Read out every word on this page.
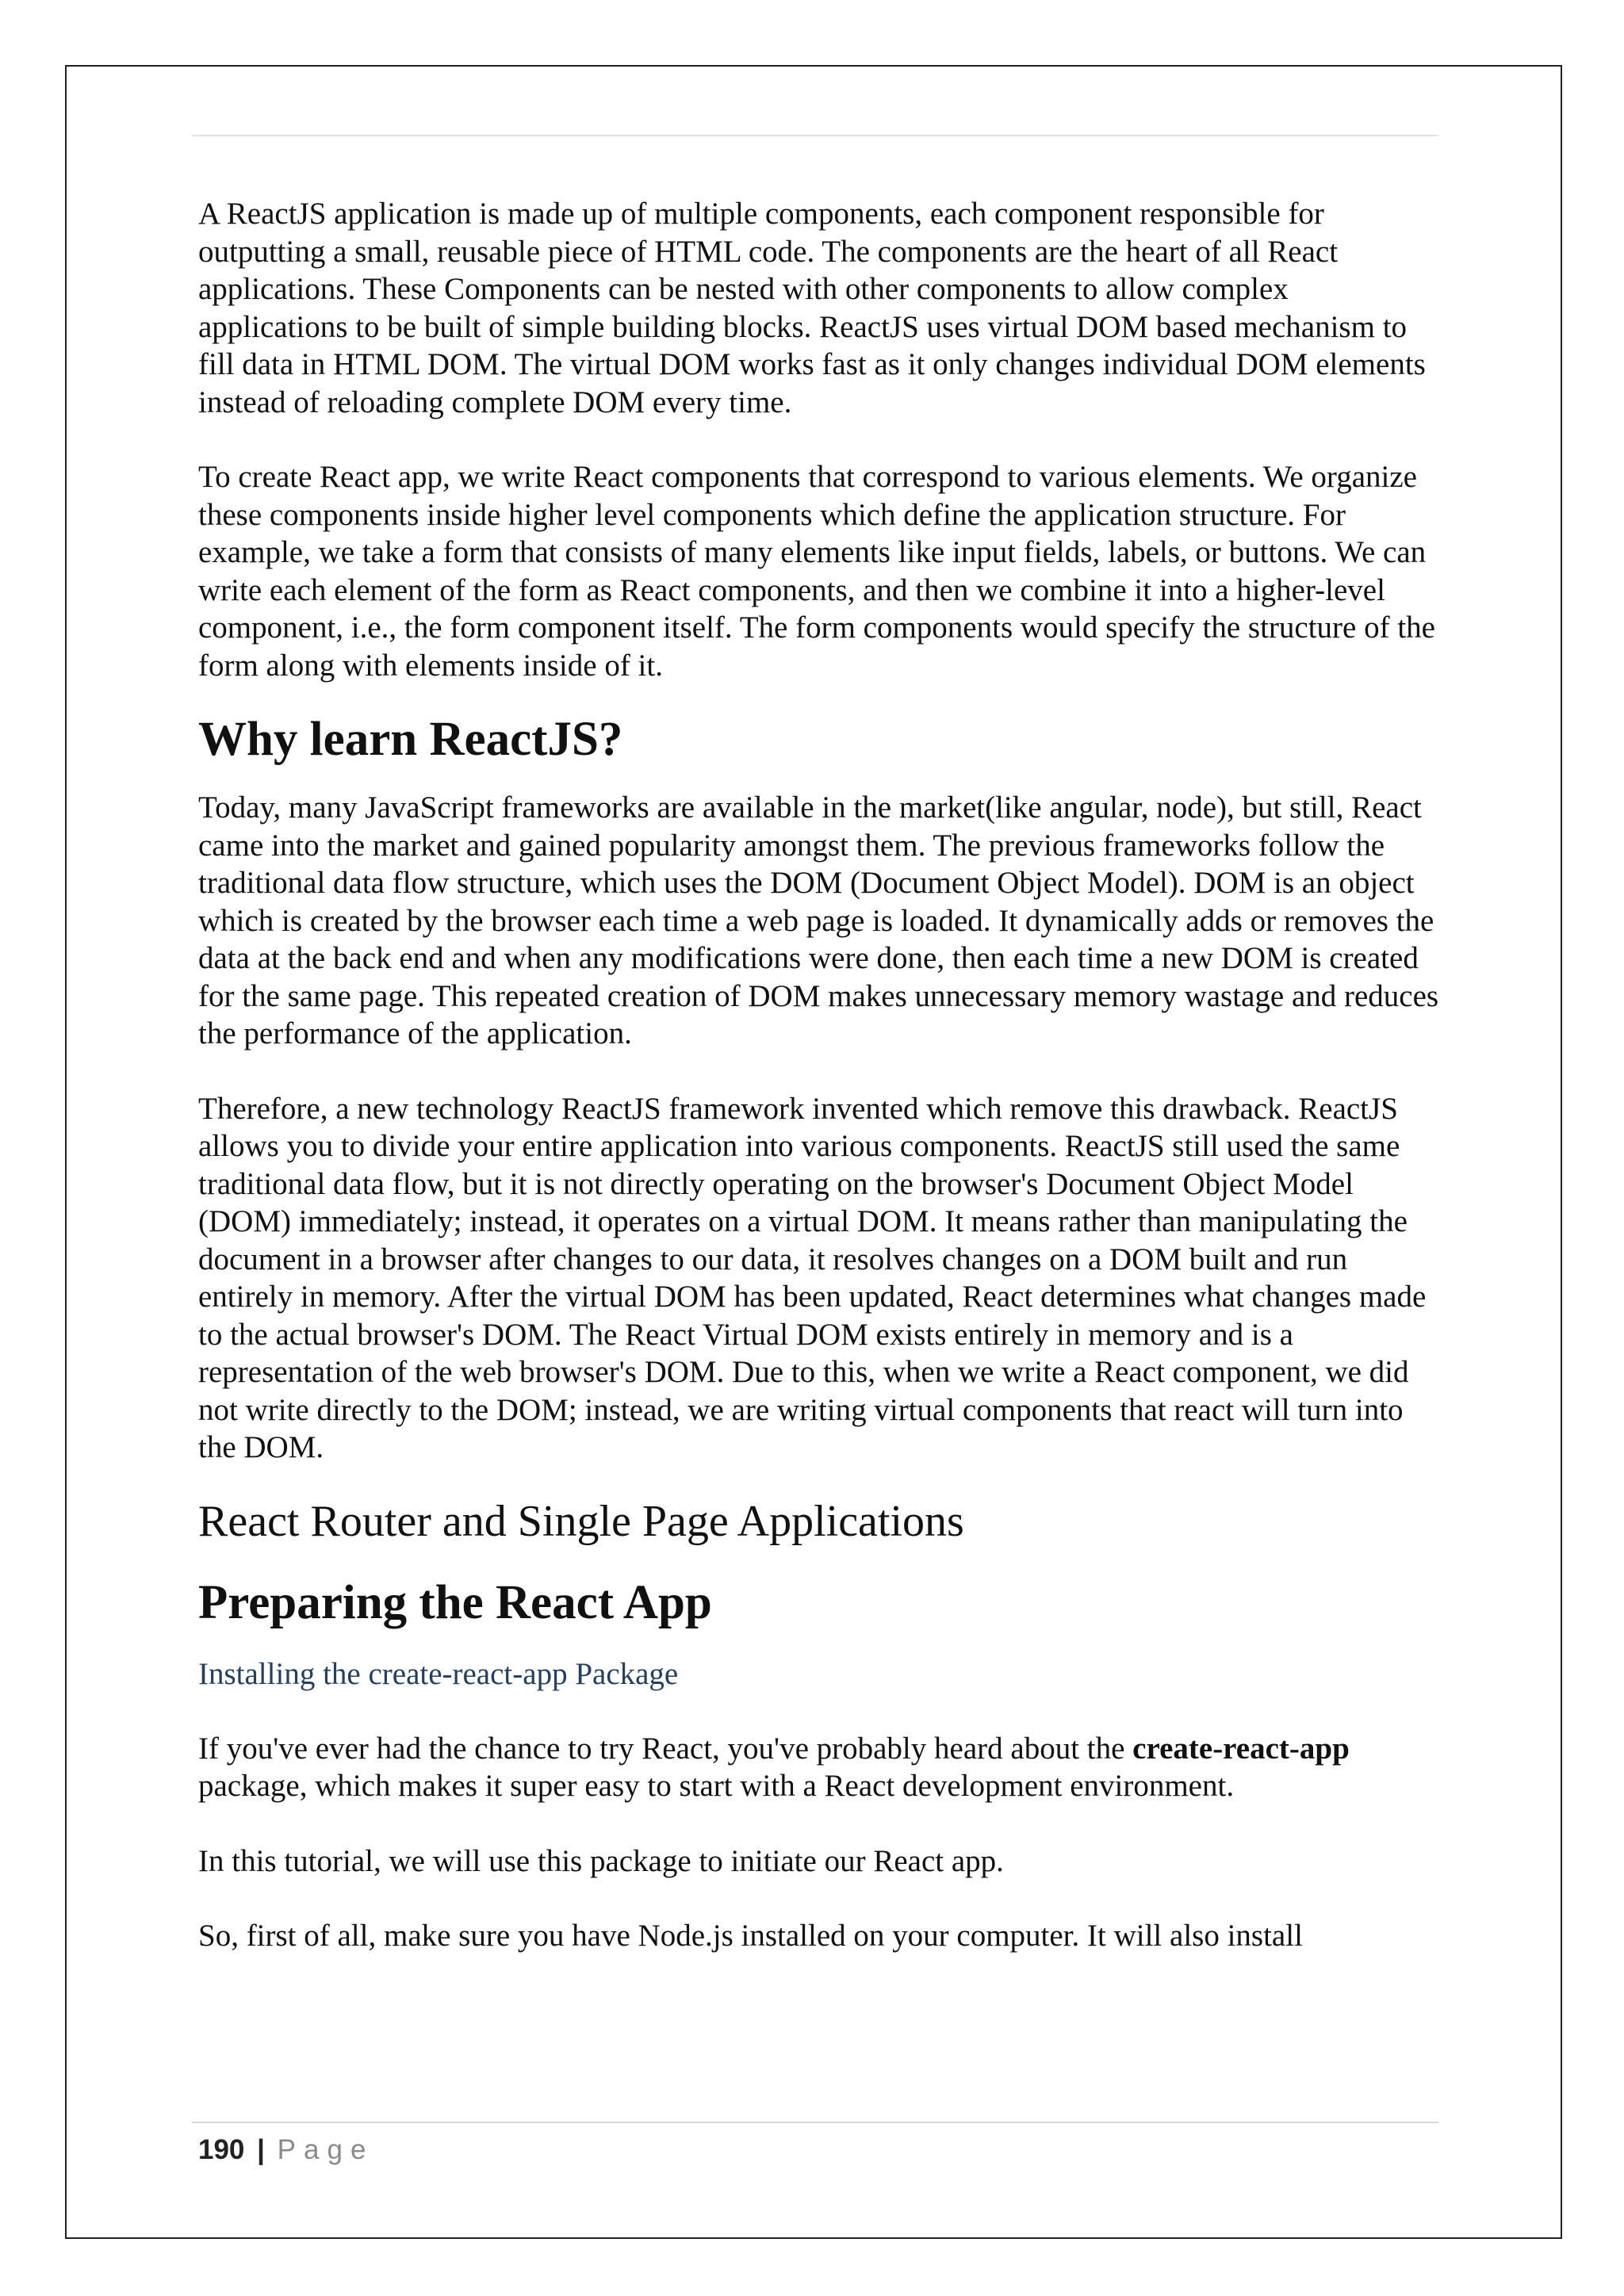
A ReactJS application is made up of multiple components, each component responsible for outputting a small, reusable piece of HTML code. The components are the heart of all React applications. These Components can be nested with other components to allow complex applications to be built of simple building blocks. ReactJS uses virtual DOM based mechanism to fill data in HTML DOM. The virtual DOM works fast as it only changes individual DOM elements instead of reloading complete DOM every time.

To create React app, we write React components that correspond to various elements. We organize these components inside higher level components which define the application structure. For example, we take a form that consists of many elements like input fields, labels, or buttons. We can write each element of the form as React components, and then we combine it into a higher-level component, i.e., the form component itself. The form components would specify the structure of the form along with elements inside of it.

Why learn ReactJS?

Today, many JavaScript frameworks are available in the market(like angular, node), but still, React came into the market and gained popularity amongst them. The previous frameworks follow the traditional data flow structure, which uses the DOM (Document Object Model). DOM is an object which is created by the browser each time a web page is loaded. It dynamically adds or removes the data at the back end and when any modifications were done, then each time a new DOM is created for the same page. This repeated creation of DOM makes unnecessary memory wastage and reduces the performance of the application.

Therefore, a new technology ReactJS framework invented which remove this drawback. ReactJS allows you to divide your entire application into various components. ReactJS still used the same traditional data flow, but it is not directly operating on the browser's Document Object Model (DOM) immediately; instead, it operates on a virtual DOM. It means rather than manipulating the document in a browser after changes to our data, it resolves changes on a DOM built and run entirely in memory. After the virtual DOM has been updated, React determines what changes made to the actual browser's DOM. The React Virtual DOM exists entirely in memory and is a representation of the web browser's DOM. Due to this, when we write a React component, we did not write directly to the DOM; instead, we are writing virtual components that react will turn into the DOM.

React Router and Single Page Applications
Preparing the React App
Installing the create-react-app Package

If you've ever had the chance to try React, you've probably heard about the create-react-app package, which makes it super easy to start with a React development environment.

In this tutorial, we will use this package to initiate our React app.

So, first of all, make sure you have Node.js installed on your computer. It will also install

190 | Page
